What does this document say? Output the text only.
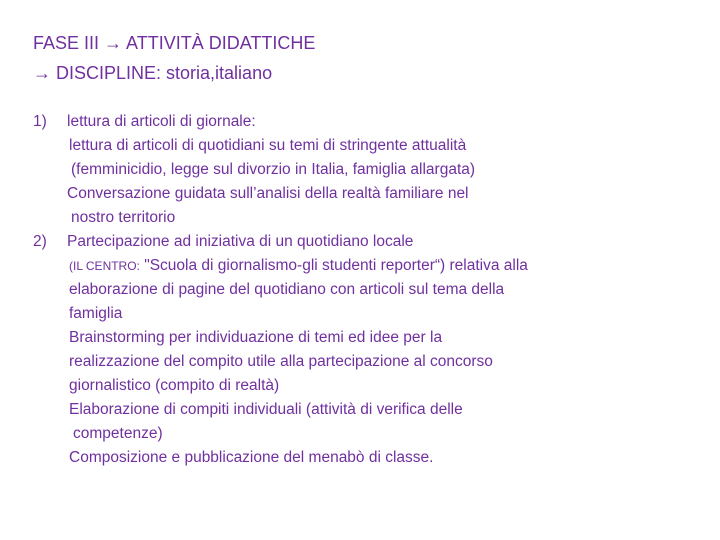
FASE III → ATTIVITÀ DIDATTICHE
→ DISCIPLINE: storia,italiano
1) lettura di articoli di giornale:
lettura di articoli di quotidiani su temi di stringente attualità
(femminicidio, legge sul divorzio in Italia, famiglia allargata)
Conversazione guidata sull’analisi della realtà familiare nel
nostro territorio
2) Partecipazione ad iniziativa di un quotidiano locale
(IL CENTRO: "Scuola di giornalismo-gli studenti reporter“) relativa alla
elaborazione di pagine del quotidiano con articoli sul tema della
famiglia
Brainstorming per individuazione di temi ed idee per la
realizzazione del compito utile alla partecipazione al concorso
giornalistico (compito di realtà)
Elaborazione di compiti individuali (attività di verifica delle
competenze)
Composizione e pubblicazione del menabò di classe.
